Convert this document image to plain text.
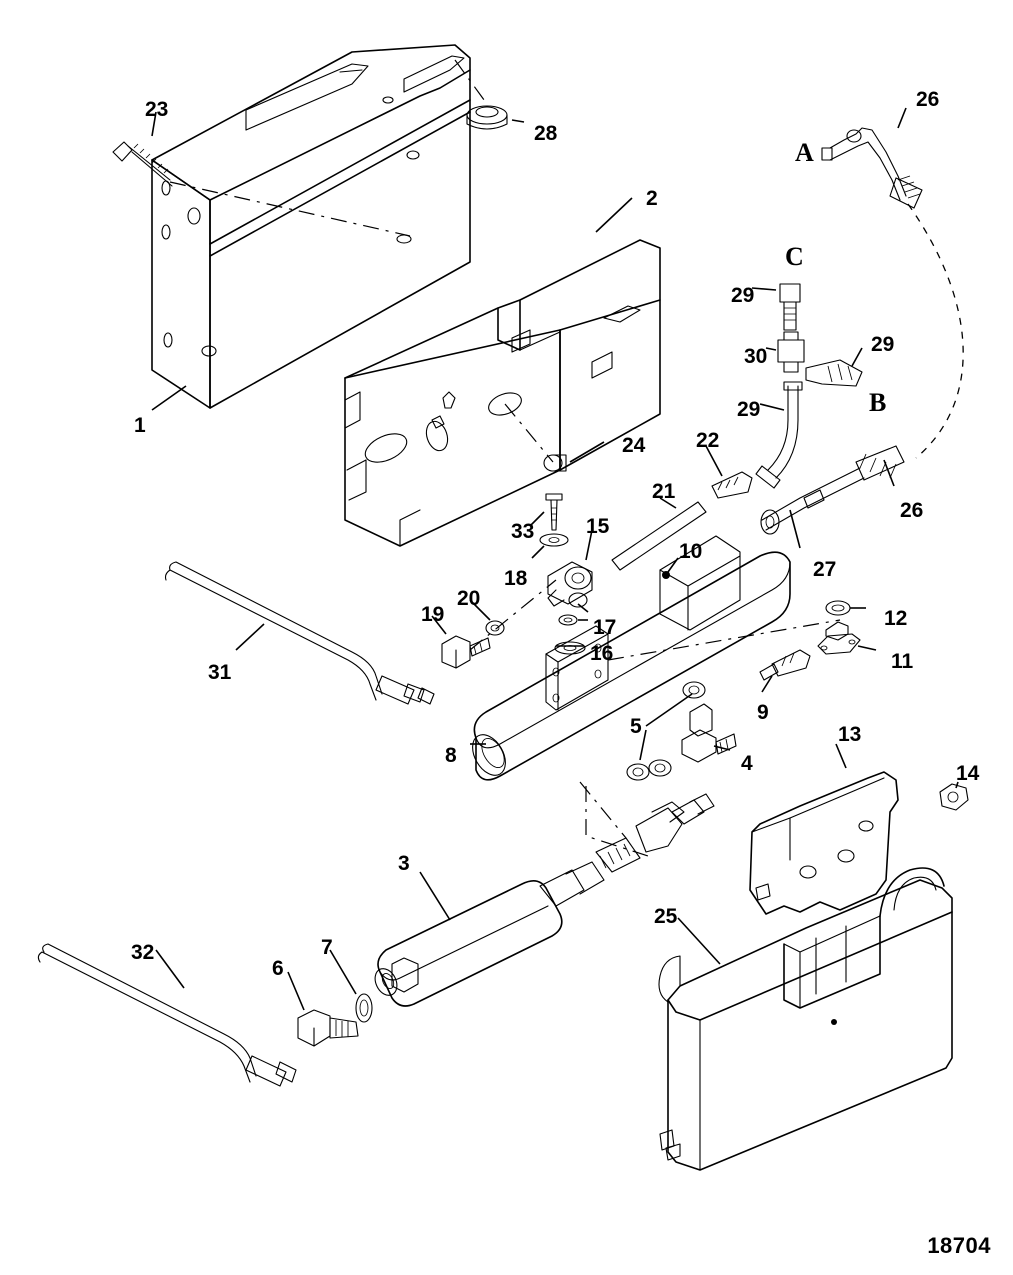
1
2
3
4
5
6
7
8
9
10
11
12
13
14
15
16
17
18
19
20
21
22
23
24
25
26
26
27
28
29
29
29
30
31
32
33
A
B
C
18704
